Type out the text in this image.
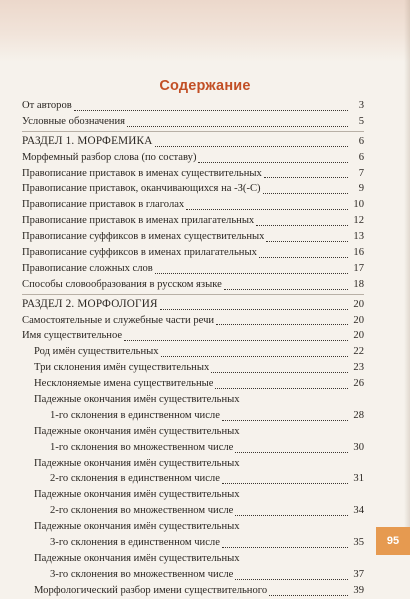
Содержание
От авторов	3
Условные обозначения	5
РАЗДЕЛ 1. МОРФЕМИКА	6
Морфемный разбор слова (по составу)	6
Правописание приставок в именах существительных	7
Правописание приставок, оканчивающихся на -З(-С)	9
Правописание приставок в глаголах	10
Правописание приставок в именах прилагательных	12
Правописание суффиксов в именах существительных	13
Правописание суффиксов в именах прилагательных	16
Правописание сложных слов	17
Способы словообразования в русском языке	18
РАЗДЕЛ 2. МОРФОЛОГИЯ	20
Самостоятельные и служебные части речи	20
Имя существительное	20
Род имён существительных	22
Три склонения имён существительных	23
Несклоняемые имена существительные	26
Падежные окончания имён существительных
1-го склонения в единственном числе	28
Падежные окончания имён существительных
1-го склонения во множественном числе	30
Падежные окончания имён существительных
2-го склонения в единственном числе	31
Падежные окончания имён существительных
2-го склонения во множественном числе	34
Падежные окончания имён существительных
3-го склонения в единственном числе	35
Падежные окончания имён существительных
3-го склонения во множественном числе	37
Морфологический разбор имени существительного	39
95
